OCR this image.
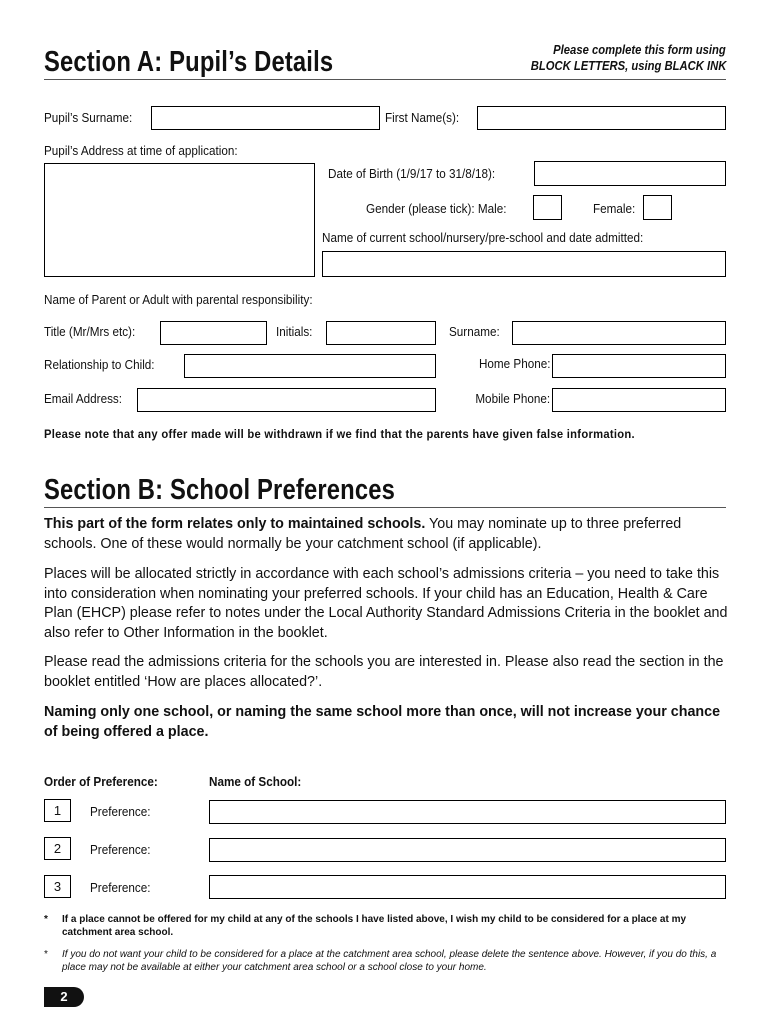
Section A: Pupil’s Details	Please complete this form using
BLOCK LETTERS, using BLACK INK
Pupil’s Surname:	First Name(s):
Pupil’s Address at time of application:
Date of Birth (1/9/17 to 31/8/18):
Gender (please tick): Male:	Female:
Name of current school/nursery/pre-school and date admitted:
Name of Parent or Adult with parental responsibility:
Title (Mr/Mrs etc):	Initials:	Surname:
Relationship to Child:	Home Phone:
Email Address:	Mobile Phone:
Please note that any offer made will be withdrawn if we find that the parents have given false information.
Section B: School Preferences
This part of the form relates only to maintained schools. You may nominate up to three preferred schools. One of these would normally be your catchment school (if applicable).
Places will be allocated strictly in accordance with each school’s admissions criteria – you need to take this into consideration when nominating your preferred schools. If your child has an Education, Health & Care Plan (EHCP) please refer to notes under the Local Authority Standard Admissions Criteria in the booklet and also refer to Other Information in the booklet.
Please read the admissions criteria for the schools you are interested in. Please also read the section in the booklet entitled ‘How are places allocated?’.
Naming only one school, or naming the same school more than once, will not increase your chance of being offered a place.
Order of Preference:	Name of School:
1	Preference:
2	Preference:
3	Preference:
* If a place cannot be offered for my child at any of the schools I have listed above, I wish my child to be considered for a place at my catchment area school.
* If you do not want your child to be considered for a place at the catchment area school, please delete the sentence above. However, if you do this, a place may not be available at either your catchment area school or a school close to your home.
2
